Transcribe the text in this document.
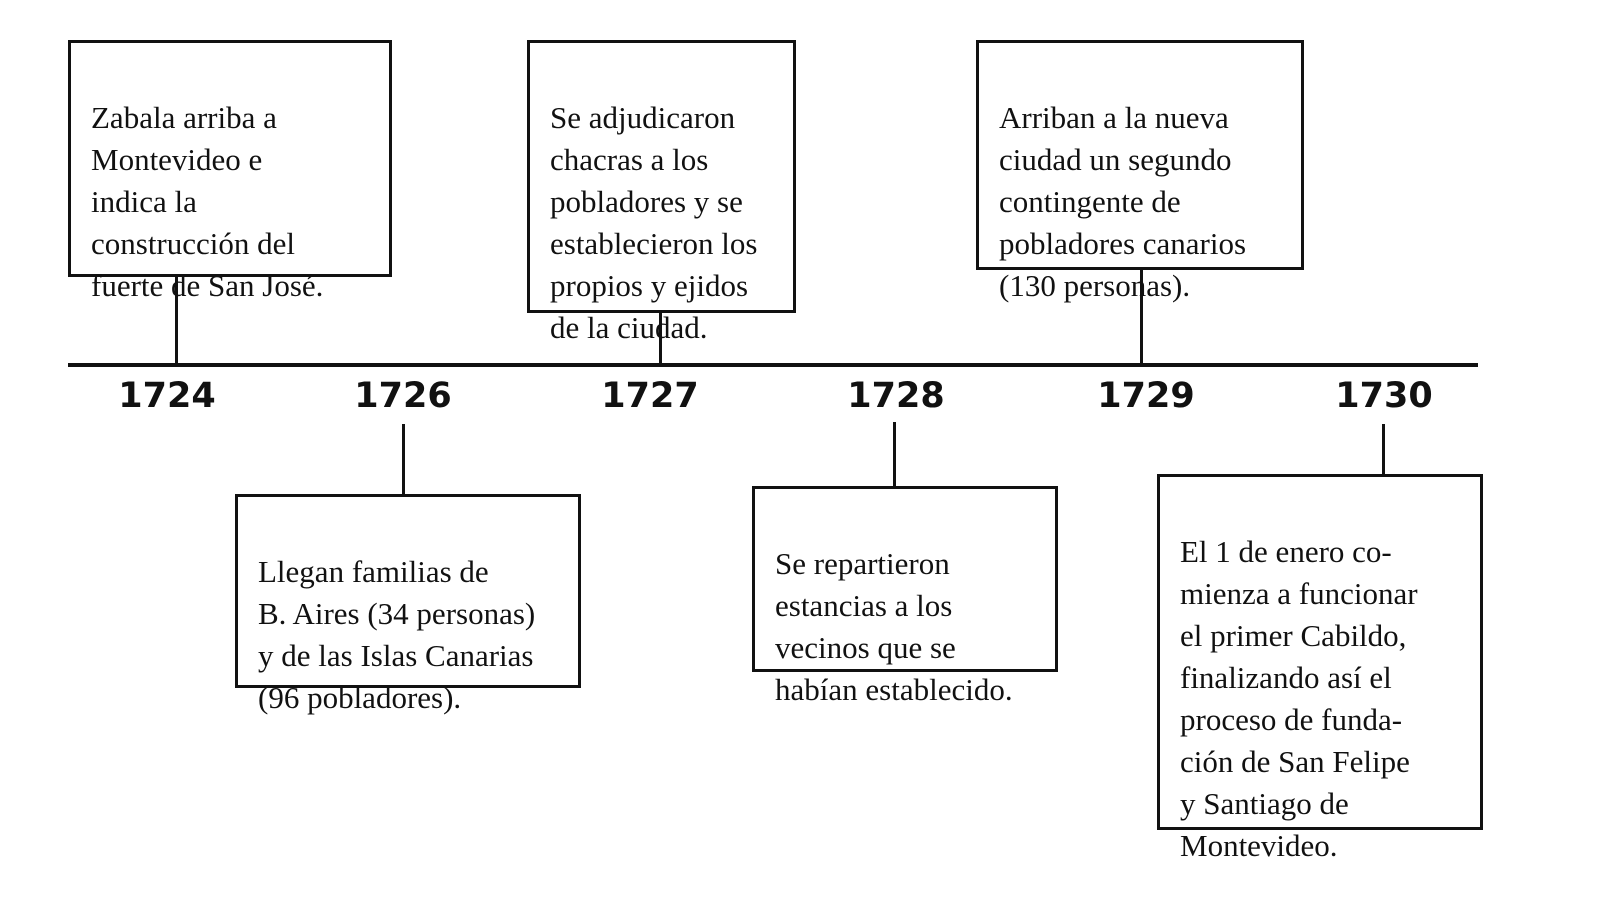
1724	1726	1727	1728	1729	1730

Zabala arriba a
Montevideo e
indica la
construcción del
fuerte de San José.

Llegan familias de
B. Aires (34 personas)
y de las Islas Canarias
(96 pobladores).

Se adjudicaron
chacras a los
pobladores y se
establecieron los
propios y ejidos
de la ciudad.

Se repartieron
estancias a los
vecinos que se
habían establecido.

Arriban a la nueva
ciudad un segundo
contingente de
pobladores canarios
(130 personas).

El 1 de enero co-
mienza a funcionar
el primer Cabildo,
finalizando así el
proceso de funda-
ción de San Felipe
y Santiago de
Montevideo.
